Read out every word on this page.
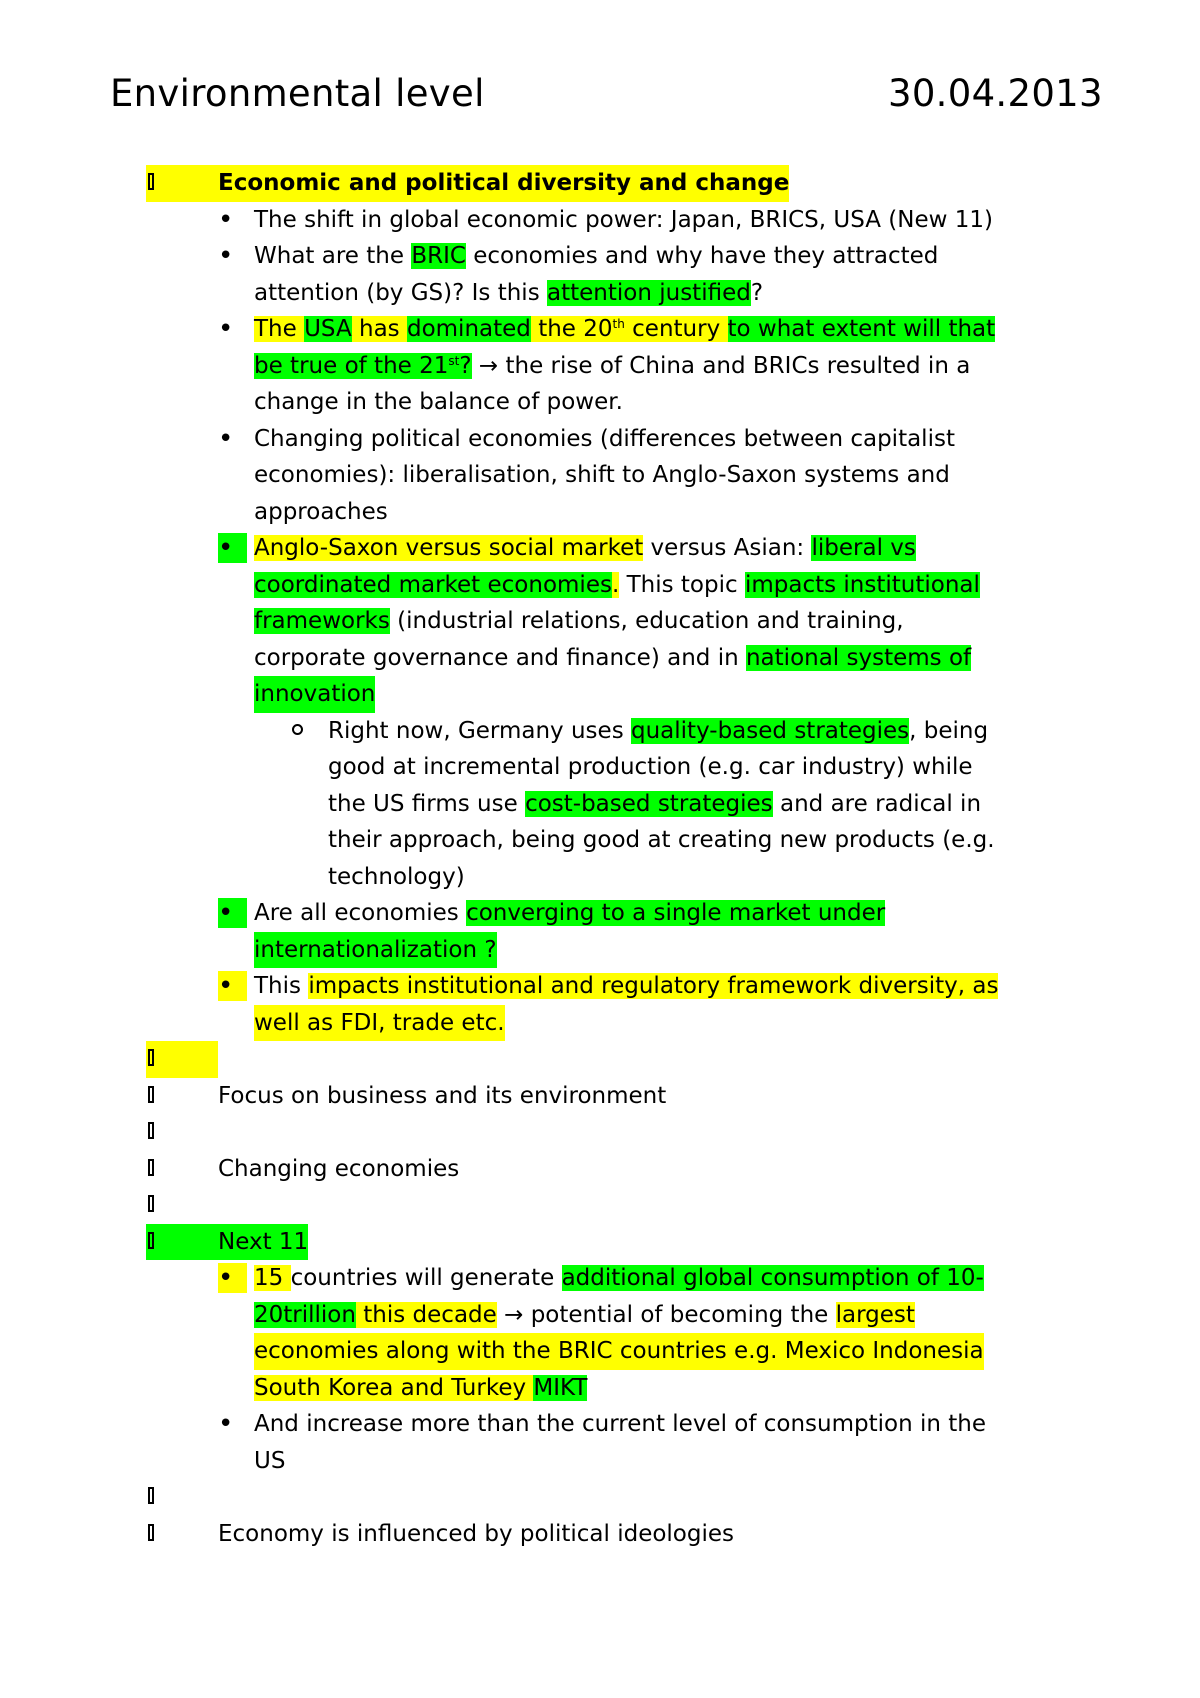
Environmental level	30.04.2013
Economic and political diversity and change
• The shift in global economic power: Japan, BRICS, USA (New 11)
• What are the BRIC economies and why have they attracted
attention (by GS)? Is this attention justified?
• The USA has dominated the 20th century to what extent will that
be true of the 21st? → the rise of China and BRICs resulted in a
change in the balance of power.
• Changing political economies (differences between capitalist
economies): liberalisation, shift to Anglo-Saxon systems and
approaches
• Anglo-Saxon versus social market versus Asian: liberal vs
coordinated market economies. This topic impacts institutional
frameworks (industrial relations, education and training,
corporate governance and finance) and in national systems of
innovation
Right now, Germany uses quality-based strategies, being
good at incremental production (e.g. car industry) while
the US firms use cost-based strategies and are radical in
their approach, being good at creating new products (e.g.
technology)
• Are all economies converging to a single market under
internationalization ?
• This impacts institutional and regulatory framework diversity, as
well as FDI, trade etc.
Focus on business and its environment
Changing economies
Next 11
• 15 countries will generate additional global consumption of 10-
20trillion this decade → potential of becoming the largest
economies along with the BRIC countries e.g. Mexico Indonesia
South Korea and Turkey MIKT
• And increase more than the current level of consumption in the
US
Economy is influenced by political ideologies
